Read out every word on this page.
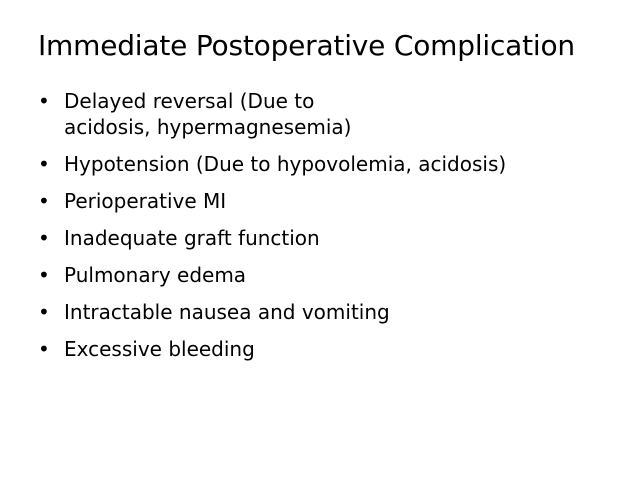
Immediate Postoperative Complication
• Delayed reversal (Due to
acidosis, hypermagnesemia)
• Hypotension (Due to hypovolemia, acidosis)
• Perioperative MI
• Inadequate graft function
• Pulmonary edema
• Intractable nausea and vomiting
• Excessive bleeding
